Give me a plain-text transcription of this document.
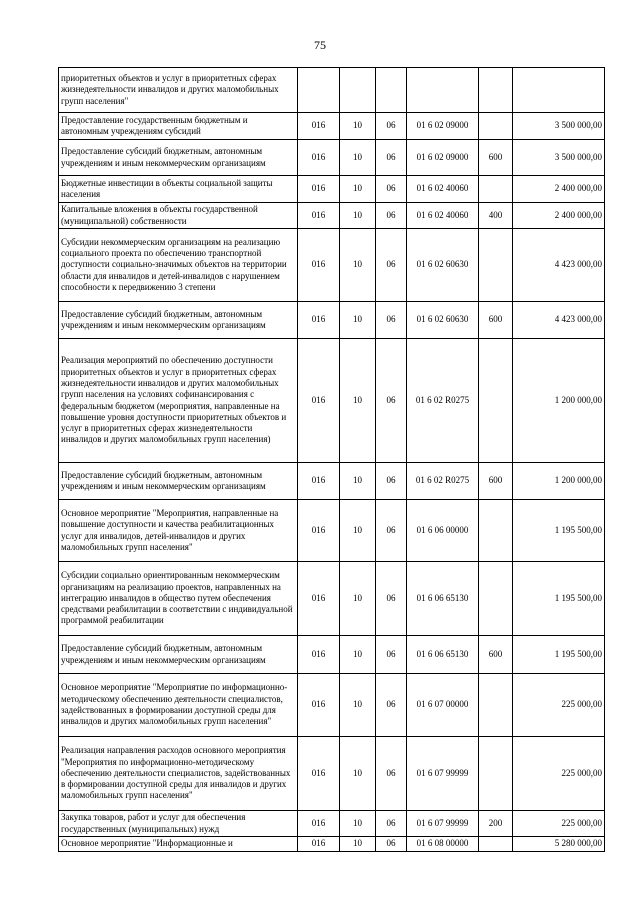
75
приоритетных объектов и услуг в приоритетных сферах жизнедеятельности инвалидов и других маломобильных групп населения"						
Предоставление государственным бюджетным и автономным учреждениям субсидий	016	10	06	01 6 02 09000		3 500 000,00
Предоставление субсидий бюджетным, автономным учреждениям и иным некоммерческим организациям	016	10	06	01 6 02 09000	600	3 500 000,00
Бюджетные инвестиции в объекты социальной защиты населения	016	10	06	01 6 02 40060		2 400 000,00
Капитальные вложения в объекты государственной (муниципальной) собственности	016	10	06	01 6 02 40060	400	2 400 000,00
Субсидии некоммерческим организациям на реализацию социального проекта по обеспечению транспортной доступности социально-значимых объектов на территории области для инвалидов и детей-инвалидов с нарушением способности к передвижению 3 степени	016	10	06	01 6 02 60630		4 423 000,00
Предоставление субсидий бюджетным, автономным учреждениям и иным некоммерческим организациям	016	10	06	01 6 02 60630	600	4 423 000,00
Реализация мероприятий по обеспечению доступности приоритетных объектов и услуг в приоритетных сферах жизнедеятельности инвалидов и других маломобильных групп населения на условиях софинансирования с федеральным бюджетом (мероприятия, направленные на повышение уровня доступности приоритетных объектов и услуг в приоритетных сферах жизнедеятельности инвалидов и других маломобильных групп населения)	016	10	06	01 6 02 R0275		1 200 000,00
Предоставление субсидий бюджетным, автономным учреждениям и иным некоммерческим организациям	016	10	06	01 6 02 R0275	600	1 200 000,00
Основное мероприятие "Мероприятия, направленные на повышение доступности и качества реабилитационных услуг для инвалидов, детей-инвалидов и других маломобильных групп населения"	016	10	06	01 6 06 00000		1 195 500,00
Субсидии социально ориентированным некоммерческим организациям на реализацию проектов, направленных на интеграцию инвалидов в общество путем обеспечения средствами реабилитации в соответствии с индивидуальной программой реабилитации	016	10	06	01 6 06 65130		1 195 500,00
Предоставление субсидий бюджетным, автономным учреждениям и иным некоммерческим организациям	016	10	06	01 6 06 65130	600	1 195 500,00
Основное мероприятие "Мероприятие по информационно-методическому обеспечению деятельности специалистов, задействованных в формировании доступной среды для инвалидов и других маломобильных групп населения"	016	10	06	01 6 07 00000		225 000,00
Реализация направления расходов основного мероприятия "Мероприятия по информационно-методическому обеспечению деятельности специалистов, задействованных в формировании доступной среды для инвалидов и других маломобильных групп населения"	016	10	06	01 6 07 99999		225 000,00
Закупка товаров, работ и услуг для обеспечения государственных (муниципальных) нужд	016	10	06	01 6 07 99999	200	225 000,00
Основное мероприятие "Информационные и	016	10	06	01 6 08 00000		5 280 000,00
